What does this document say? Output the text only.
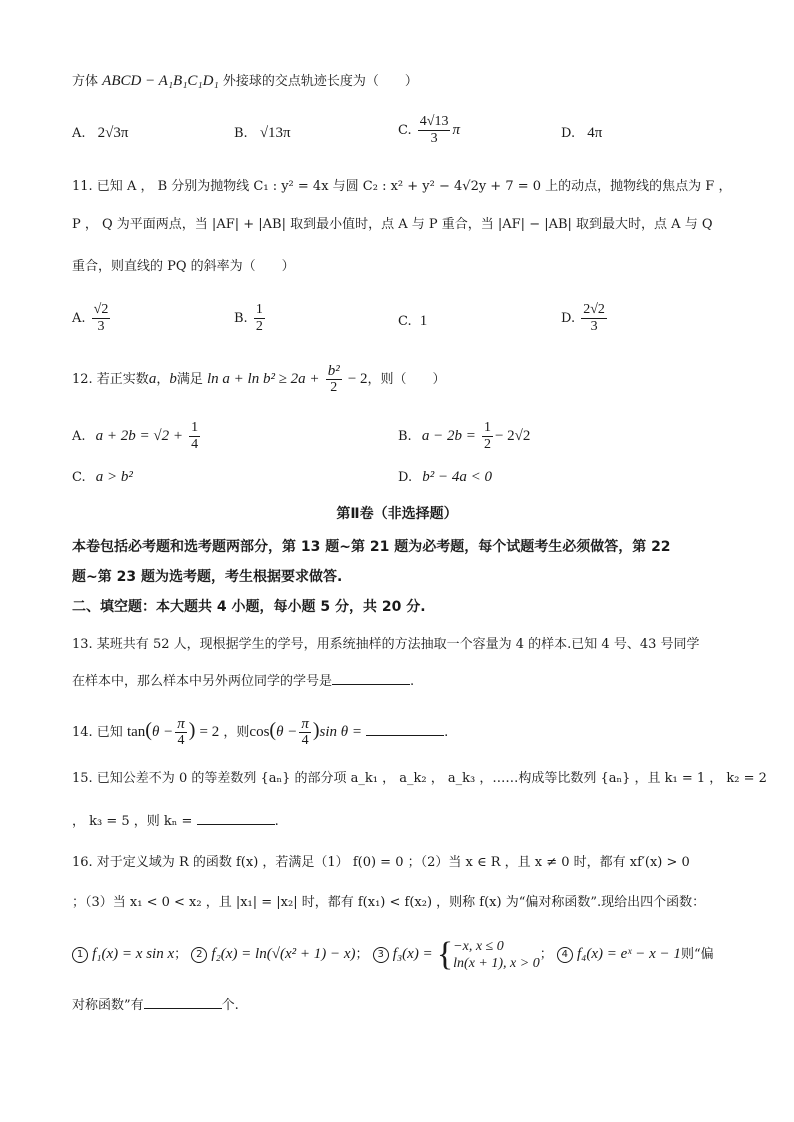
方体 ABCD − A₁B₁C₁D₁ 外接球的交点轨迹长度为（　　）
A. 2√3π	B. √13π	C. $\frac{4√13}{3}$ π	D. 4π
11. 已知 A ， B 分别为抛物线 C₁ : y² = 4x 与圆 C₂ : x² + y² − 4√2y + 7 = 0 上的动点，抛物线的焦点为 F ，
P ， Q 为平面两点，当 |AF| + |AB| 取到最小值时，点 A 与 P 重合，当 |AF| − |AB| 取到最大时，点 A 与 Q
重合，则直线的 PQ 的斜率为（　　）
A. $\frac{√2}{3}$	B. $\frac{1}{2}$	C. 1	D. $\frac{2√2}{3}$
12. 若正实数a，b满足 $\ln a + \ln b^2 \ge 2a + \frac{\text{b²}}{2} - 2$，则（　　）
A. $a + 2b = √2 + \frac{1}{4}$	B. $a - 2b = \frac{1}{2} - 2√2$
C. a > b²	D. b² − 4a < 0
第Ⅱ卷（非选择题）
本卷包括必考题和选考题两部分，第 13 题~第 21 题为必考题，每个试题考生必须做答，第 22
题~第 23 题为选考题，考生根据要求做答.
二、填空题：本大题共 4 小题，每小题 5 分，共 20 分.
13. 某班共有 52 人，现根据学生的学号，用系统抽样的方法抽取一个容量为 4 的样本.已知 4 号、43 号同学
在样本中，那么样本中另外两位同学的学号是	.
14. 已知 $\tan(\theta - \frac{\pi}{4}$ ) = 2 ，则$\cos(\theta - \frac{\pi}{4} )\sin$ θ =	.
15. 已知公差不为 0 的等差数列 {aₙ} 的部分项 a_k₁ ， a_k₂ ， a_k₃ ，……构成等比数列 {aₙ} ，且 k₁ = 1 ， k₂ = 2
， k₃ = 5 ，则 kₙ =	.
16. 对于定义域为 R 的函数 f(x) ，若满足（1） f(0) = 0 ；（2）当 x ∈ R ，且 x ≠ 0 时，都有 xf′(x) > 0
；（3）当 x₁ < 0 < x₂ ，且 |x₁| = |x₂| 时，都有 f(x₁) < f(x₂) ，则称 f(x) 为“偏对称函数”.现给出四个函数：
1 f₁(x) = x sin x； 2 f₂(x) = ln(√(x² + 1) − x)； 3 f₃(x) = { −x, x ≤ 0
ln(x + 1), x > 0
； 4 f₄(x) = eˣ − x − 1则“偏
对称函数”有	个.
